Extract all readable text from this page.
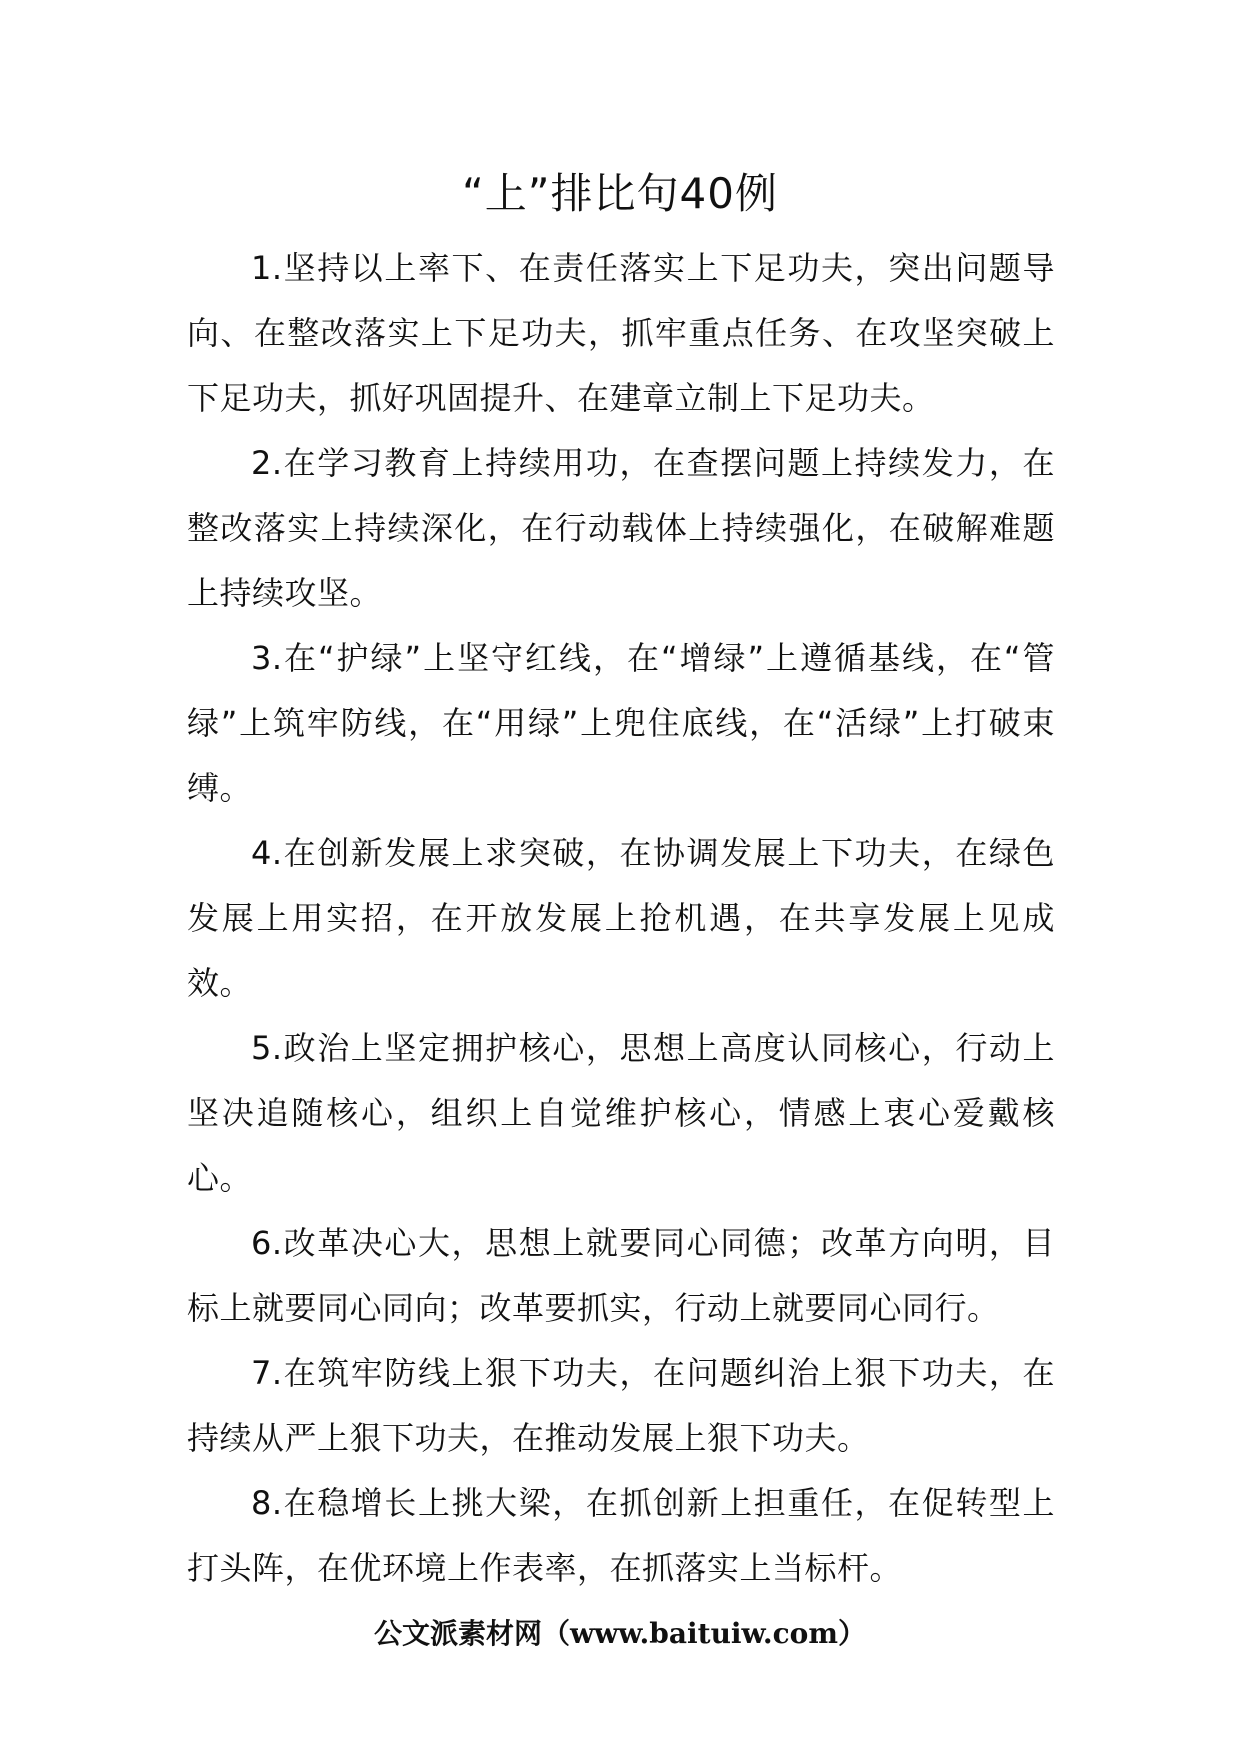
“上”排比句40例

1.坚持以上率下、在责任落实上下足功夫，突出问题导向、在整改落实上下足功夫，抓牢重点任务、在攻坚突破上下足功夫，抓好巩固提升、在建章立制上下足功夫。

2.在学习教育上持续用功，在查摆问题上持续发力，在整改落实上持续深化，在行动载体上持续强化，在破解难题上持续攻坚。

3.在“护绿”上坚守红线，在“增绿”上遵循基线，在“管绿”上筑牢防线，在“用绿”上兜住底线，在“活绿”上打破束缚。

4.在创新发展上求突破，在协调发展上下功夫，在绿色发展上用实招，在开放发展上抢机遇，在共享发展上见成效。

5.政治上坚定拥护核心，思想上高度认同核心，行动上坚决追随核心，组织上自觉维护核心，情感上衷心爱戴核心。

6.改革决心大，思想上就要同心同德；改革方向明，目标上就要同心同向；改革要抓实，行动上就要同心同行。

7.在筑牢防线上狠下功夫，在问题纠治上狠下功夫，在持续从严上狠下功夫，在推动发展上狠下功夫。

8.在稳增长上挑大梁，在抓创新上担重任，在促转型上打头阵，在优环境上作表率，在抓落实上当标杆。

公文派素材网（www.baituiw.com）
